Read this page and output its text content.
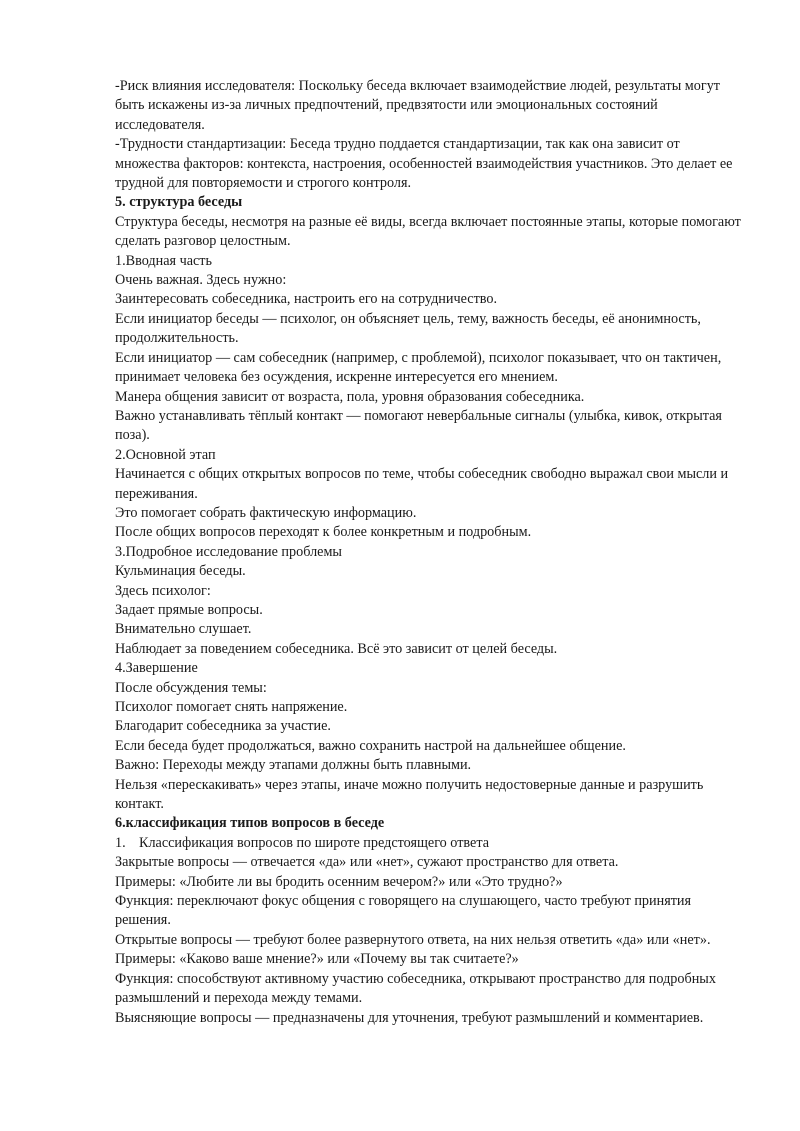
-Риск влияния исследователя: Поскольку беседа включает взаимодействие людей, результаты могут быть искажены из-за личных предпочтений, предвзятости или эмоциональных состояний исследователя.

-Трудности стандартизации: Беседа трудно поддается стандартизации, так как она зависит от множества факторов: контекста, настроения, особенностей взаимодействия участников. Это делает ее трудной для повторяемости и строгого контроля.

5. структура беседы

Структура беседы, несмотря на разные её виды, всегда включает постоянные этапы, которые помогают сделать разговор целостным.

1.Вводная часть

Очень важная. Здесь нужно:

Заинтересовать собеседника, настроить его на сотрудничество.

Если инициатор беседы — психолог, он объясняет цель, тему, важность беседы, её анонимность, продолжительность.

Если инициатор — сам собеседник (например, с проблемой), психолог показывает, что он тактичен, принимает человека без осуждения, искренне интересуется его мнением.

Манера общения зависит от возраста, пола, уровня образования собеседника.

Важно устанавливать тёплый контакт — помогают невербальные сигналы (улыбка, кивок, открытая поза).

2.Основной этап

Начинается с общих открытых вопросов по теме, чтобы собеседник свободно выражал свои мысли и переживания.

Это помогает собрать фактическую информацию.

После общих вопросов переходят к более конкретным и подробным.

3.Подробное исследование проблемы

Кульминация беседы.

Здесь психолог:

Задает прямые вопросы.

Внимательно слушает.

Наблюдает за поведением собеседника. Всё это зависит от целей беседы.

4.Завершение

После обсуждения темы:

Психолог помогает снять напряжение.

Благодарит собеседника за участие.

Если беседа будет продолжаться, важно сохранить настрой на дальнейшее общение.

Важно: Переходы между этапами должны быть плавными.

Нельзя «перескакивать» через этапы, иначе можно получить недостоверные данные и разрушить контакт.

6.классификация типов вопросов в беседе

1. Классификация вопросов по широте предстоящего ответа

Закрытые вопросы — отвечается «да» или «нет», сужают пространство для ответа.

Примеры: «Любите ли вы бродить осенним вечером?» или «Это трудно?»

Функция: переключают фокус общения с говорящего на слушающего, часто требуют принятия решения.

Открытые вопросы — требуют более развернутого ответа, на них нельзя ответить «да» или «нет».

Примеры: «Каково ваше мнение?» или «Почему вы так считаете?»

Функция: способствуют активному участию собеседника, открывают пространство для подробных размышлений и перехода между темами.

Выясняющие вопросы — предназначены для уточнения, требуют размышлений и комментариев.
